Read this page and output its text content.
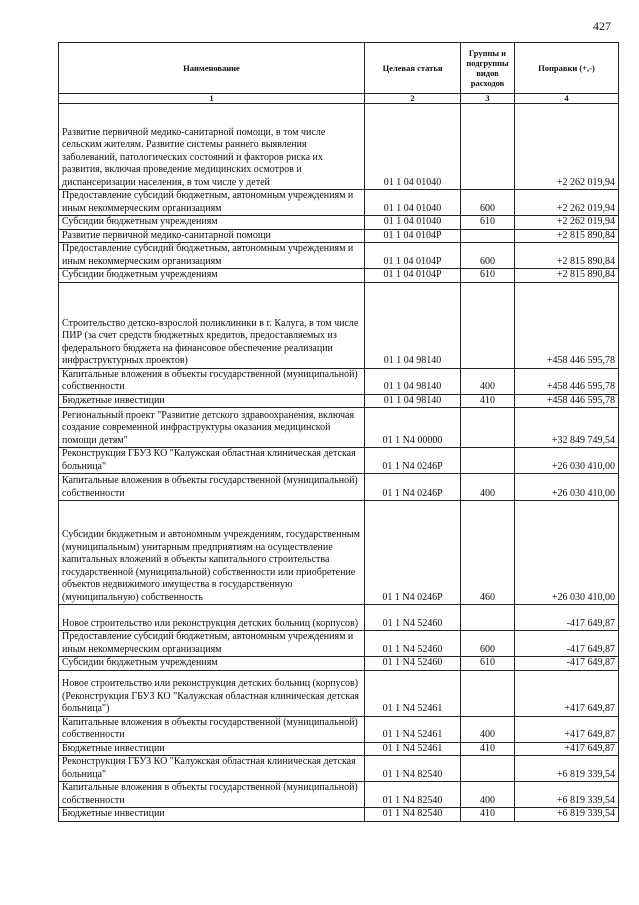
427
Наименование	Целевая статья	Группы и подгруппы видов расходов	Поправки (+,-)
1	2	3	4
Развитие первичной медико-санитарной помощи, в том числе сельским жителям. Развитие системы раннего выявления заболеваний, патологических состояний и факторов риска их развития, включая проведение медицинских осмотров и диспансеризации населения, в том числе у детей	01 1 04 01040		+2 262 019,94
Предоставление субсидий бюджетным, автономным учреждениям и иным некоммерческим организациям	01 1 04 01040	600	+2 262 019,94
Субсидии бюджетным учреждениям	01 1 04 01040	610	+2 262 019,94
Развитие первичной медико-санитарной помощи	01 1 04 0104Р		+2 815 890,84
Предоставление субсидий бюджетным, автономным учреждениям и иным некоммерческим организациям	01 1 04 0104Р	600	+2 815 890,84
Субсидии бюджетным учреждениям	01 1 04 0104Р	610	+2 815 890,84
Строительство детско-взрослой поликлиники в г. Калуга, в том числе ПИР (за счет средств бюджетных кредитов, предоставляемых из федерального бюджета на финансовое обеспечение реализации инфраструктурных проектов)	01 1 04 98140		+458 446 595,78
Капитальные вложения в объекты государственной (муниципальной) собственности	01 1 04 98140	400	+458 446 595,78
Бюджетные инвестиции	01 1 04 98140	410	+458 446 595,78
Региональный проект "Развитие детского здравоохранения, включая создание современной инфраструктуры оказания медицинской помощи детям"	01 1 N4 00000		+32 849 749,54
Реконструкция ГБУЗ КО "Калужская областная клиническая детская больница"	01 1 N4 0246Р		+26 030 410,00
Капитальные вложения в объекты государственной (муниципальной) собственности	01 1 N4 0246Р	400	+26 030 410,00
Субсидии бюджетным и автономным учреждениям, государственным (муниципальным) унитарным предприятиям на осуществление капитальных вложений в объекты капитального строительства государственной (муниципальной) собственности или приобретение объектов недвижимого имущества в государственную (муниципальную) собственность	01 1 N4 0246Р	460	+26 030 410,00
Новое строительство или реконструкция детских больниц (корпусов)	01 1 N4 52460		-417 649,87
Предоставление субсидий бюджетным, автономным учреждениям и иным некоммерческим организациям	01 1 N4 52460	600	-417 649,87
Субсидии бюджетным учреждениям	01 1 N4 52460	610	-417 649,87
Новое строительство или реконструкция детских больниц (корпусов) (Реконструкция ГБУЗ КО "Калужская областная клиническая детская больница")	01 1 N4 52461		+417 649,87
Капитальные вложения в объекты государственной (муниципальной) собственности	01 1 N4 52461	400	+417 649,87
Бюджетные инвестиции	01 1 N4 52461	410	+417 649,87
Реконструкция ГБУЗ КО "Калужская областная клиническая детская больница"	01 1 N4 82540		+6 819 339,54
Капитальные вложения в объекты государственной (муниципальной) собственности	01 1 N4 82540	400	+6 819 339,54
Бюджетные инвестиции	01 1 N4 82540	410	+6 819 339,54
